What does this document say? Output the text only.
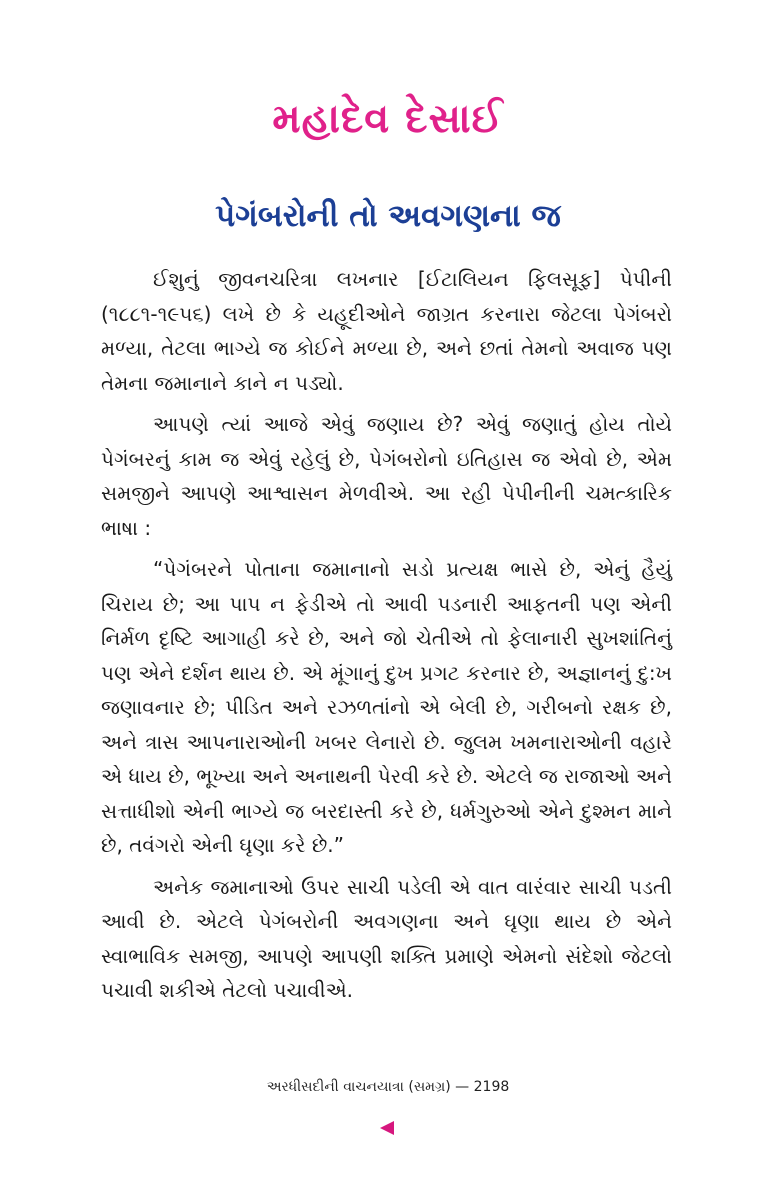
મહાદેવ દેસાઈ
પેગંબરોની તો અવગણના જ

ઈશુનું જીવનચરિત્રા લખનાર [ઈટાલિયન ફિલસૂફ] પેપીની (૧૮૮૧-૧૯૫૬) લખે છે કે યહૂદીઓને જાગ્રત કરનારા જેટલા પેગંબરો મળ્યા, તેટલા ભાગ્યે જ કોઈને મળ્યા છે, અને છતાં તેમનો અવાજ પણ તેમના જમાનાને કાને ન પડ્યો.

આપણે ત્યાં આજે એવું જણાય છે? એવું જણાતું હોય તોયે પેગંબરનું કામ જ એવું રહેલું છે, પેગંબરોનો ઇતિહાસ જ એવો છે, એમ સમજીને આપણે આશ્વાસન મેળવીએ. આ રહી પેપીનીની ચમત્કારિક ભાષા :

“પેગંબરને પોતાના જમાનાનો સડો પ્રત્યક્ષ ભાસે છે, એનું હૈયું ચિરાય છે; આ પાપ ન ફેડીએ તો આવી પડનારી આફતની પણ એની નિર્મળ દૃષ્ટિ આગાહી કરે છે, અને જો ચેતીએ તો ફેલાનારી સુખશાંતિનું પણ એને દર્શન થાય છે. એ મૂંગાનું દુખ પ્રગટ કરનાર છે, અજ્ઞાનનું દુ:ખ જણાવનાર છે; પીડિત અને રઝળતાંનો એ બેલી છે, ગરીબનો રક્ષક છે, અને ત્રાસ આપનારાઓની ખબર લેનારો છે. જુલમ ખમનારાઓની વહારે એ ધાય છે, ભૂખ્યા અને અનાથની પેરવી કરે છે. એટલે જ રાજાઓ અને સત્તાધીશો એની ભાગ્યે જ બરદાસ્તી કરે છે, ધર્મગુરુઓ એને દુશ્મન માને છે, તવંગરો એની ઘૃણા કરે છે.”

અનેક જમાનાઓ ઉપર સાચી પડેલી એ વાત વારંવાર સાચી પડતી આવી છે. એટલે પેગંબરોની અવગણના અને ઘૃણા થાય છે એને સ્વાભાવિક સમજી, આપણે આપણી શક્તિ પ્રમાણે એમનો સંદેશો જેટલો પચાવી શકીએ તેટલો પચાવીએ.

અરધીસદીની વાચનયાત્રા (સમગ્ર) — 2198
